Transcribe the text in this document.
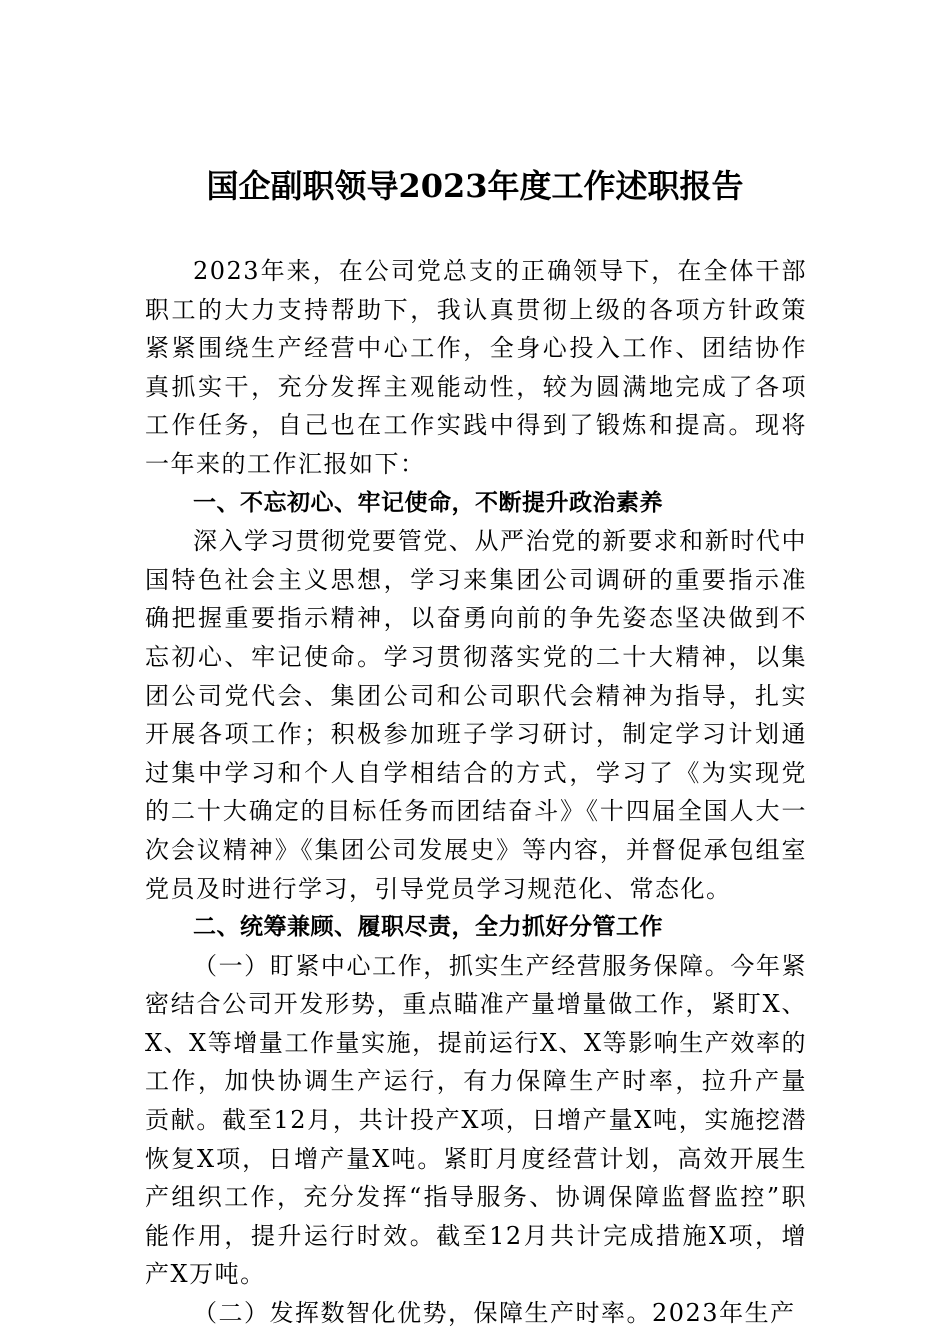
国企副职领导2023年度工作述职报告

2023年来，在公司党总支的正确领导下，在全体干部职工的大力支持帮助下，我认真贯彻上级的各项方针政策紧紧围绕生产经营中心工作，全身心投入工作、团结协作真抓实干，充分发挥主观能动性，较为圆满地完成了各项工作任务，自己也在工作实践中得到了锻炼和提高。现将一年来的工作汇报如下：

一、不忘初心、牢记使命，不断提升政治素养

深入学习贯彻党要管党、从严治党的新要求和新时代中国特色社会主义思想，学习来集团公司调研的重要指示准确把握重要指示精神，以奋勇向前的争先姿态坚决做到不忘初心、牢记使命。学习贯彻落实党的二十大精神，以集团公司党代会、集团公司和公司职代会精神为指导，扎实开展各项工作；积极参加班子学习研讨，制定学习计划通过集中学习和个人自学相结合的方式，学习了《为实现党的二十大确定的目标任务而团结奋斗》《十四届全国人大一次会议精神》《集团公司发展史》等内容，并督促承包组室党员及时进行学习，引导党员学习规范化、常态化。

二、统筹兼顾、履职尽责，全力抓好分管工作

（一）盯紧中心工作，抓实生产经营服务保障。今年紧密结合公司开发形势，重点瞄准产量增量做工作，紧盯X、X、X等增量工作量实施，提前运行X、X等影响生产效率的工作，加快协调生产运行，有力保障生产时率，拉升产量贡献。截至12月，共计投产X项，日增产量X吨，实施挖潜恢复X项，日增产量X吨。紧盯月度经营计划，高效开展生产组织工作，充分发挥“指导服务、协调保障监督监控”职能作用，提升运行时效。截至12月共计完成措施X项，增产X万吨。

（二）发挥数智化优势，保障生产时率。2023年生产
